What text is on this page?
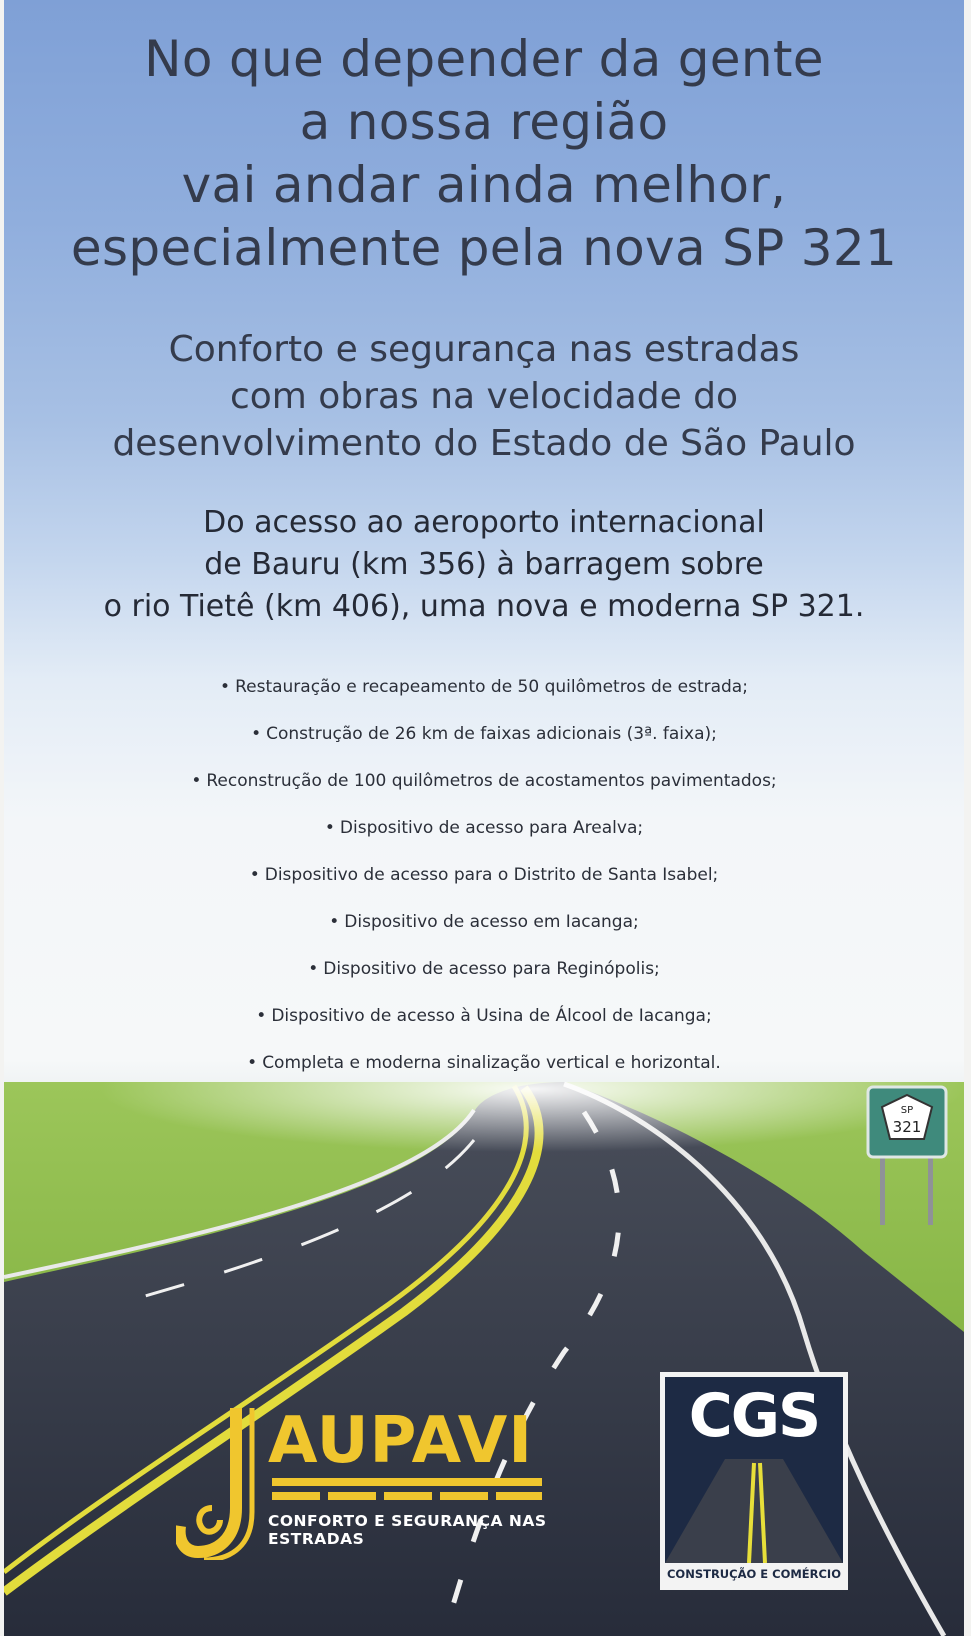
No que depender da gente
a nossa região
vai andar ainda melhor,
especialmente pela nova SP 321
Conforto e segurança nas estradas
com obras na velocidade do
desenvolvimento do Estado de São Paulo
Do acesso ao aeroporto internacional
de Bauru (km 356) à barragem sobre
o rio Tietê (km 406), uma nova e moderna SP 321.
• Restauração e recapeamento de 50 quilômetros de estrada;
• Construção de 26 km de faixas adicionais (3ª. faixa);
• Reconstrução de 100 quilômetros de acostamentos pavimentados;
• Dispositivo de acesso para Arealva;
• Dispositivo de acesso para o Distrito de Santa Isabel;
• Dispositivo de acesso em Iacanga;
• Dispositivo de acesso para Reginópolis;
• Dispositivo de acesso à Usina de Álcool de Iacanga;
• Completa e moderna sinalização vertical e horizontal.
SP
321
AUPAVI
CONFORTO E SEGURANÇA NAS ESTRADAS
CGS
CONSTRUÇÃO E COMÉRCIO
